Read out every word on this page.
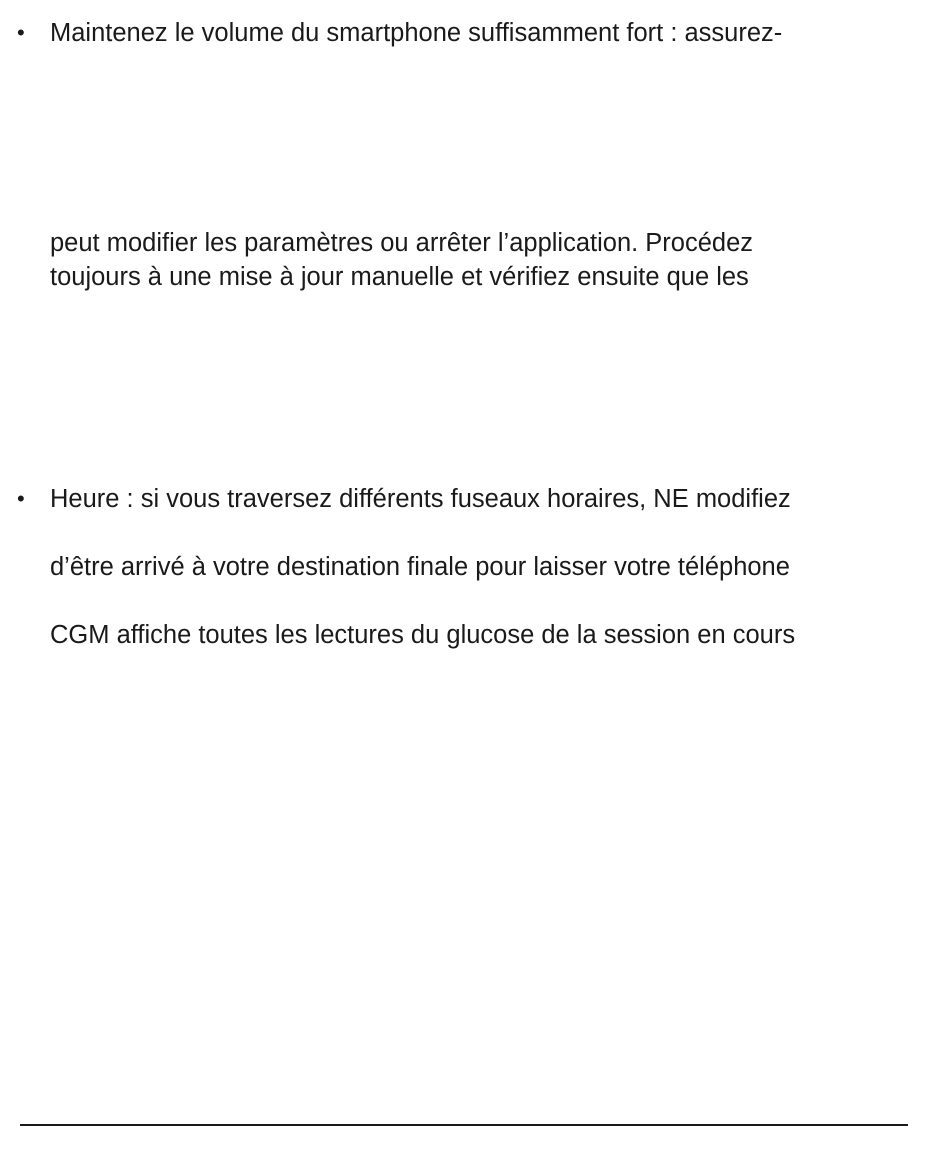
• Maintenez le volume du smartphone suffisamment fort : assurez-
peut modifier les paramètres ou arrêter l’application. Procédez
toujours à une mise à jour manuelle et vérifiez ensuite que les
• Heure : si vous traversez différents fuseaux horaires, NE modifiez
d’être arrivé à votre destination finale pour laisser votre téléphone
CGM affiche toutes les lectures du glucose de la session en cours
